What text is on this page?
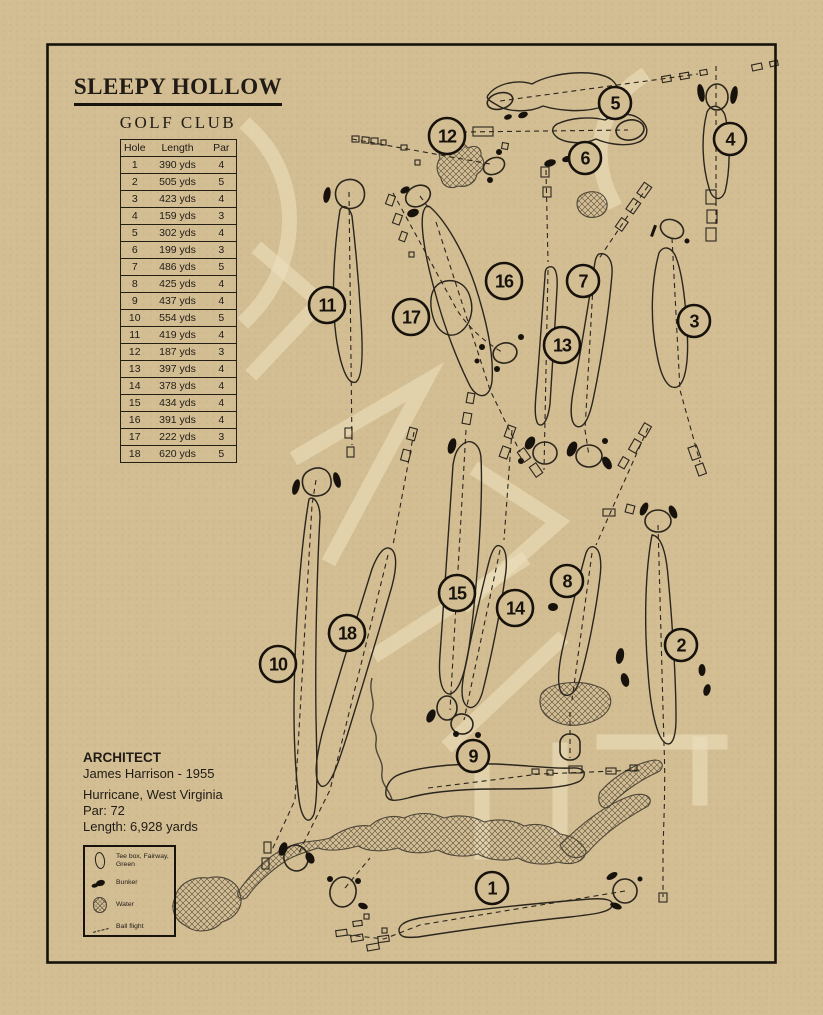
1
2
3
4
5
6
7
8
9
10
11
12
13
14
15
16
17
18
SLEEPY HOLLOW
GOLF CLUB
Hole	Length	Par
1	390 yds	4
2	505 yds	5
3	423 yds	4
4	159 yds	3
5	302 yds	4
6	199 yds	3
7	486 yds	5
8	425 yds	4
9	437 yds	4
10	554 yds	5
11	419 yds	4
12	187 yds	3
13	397 yds	4
14	378 yds	4
15	434 yds	4
16	391 yds	4
17	222 yds	3
18	620 yds	5
ARCHITECT
James Harrison - 1955
Hurricane, West Virginia
Par: 72
Length: 6,928 yards
Tee box, Fairway, Green
Bunker
Water
Ball flight
